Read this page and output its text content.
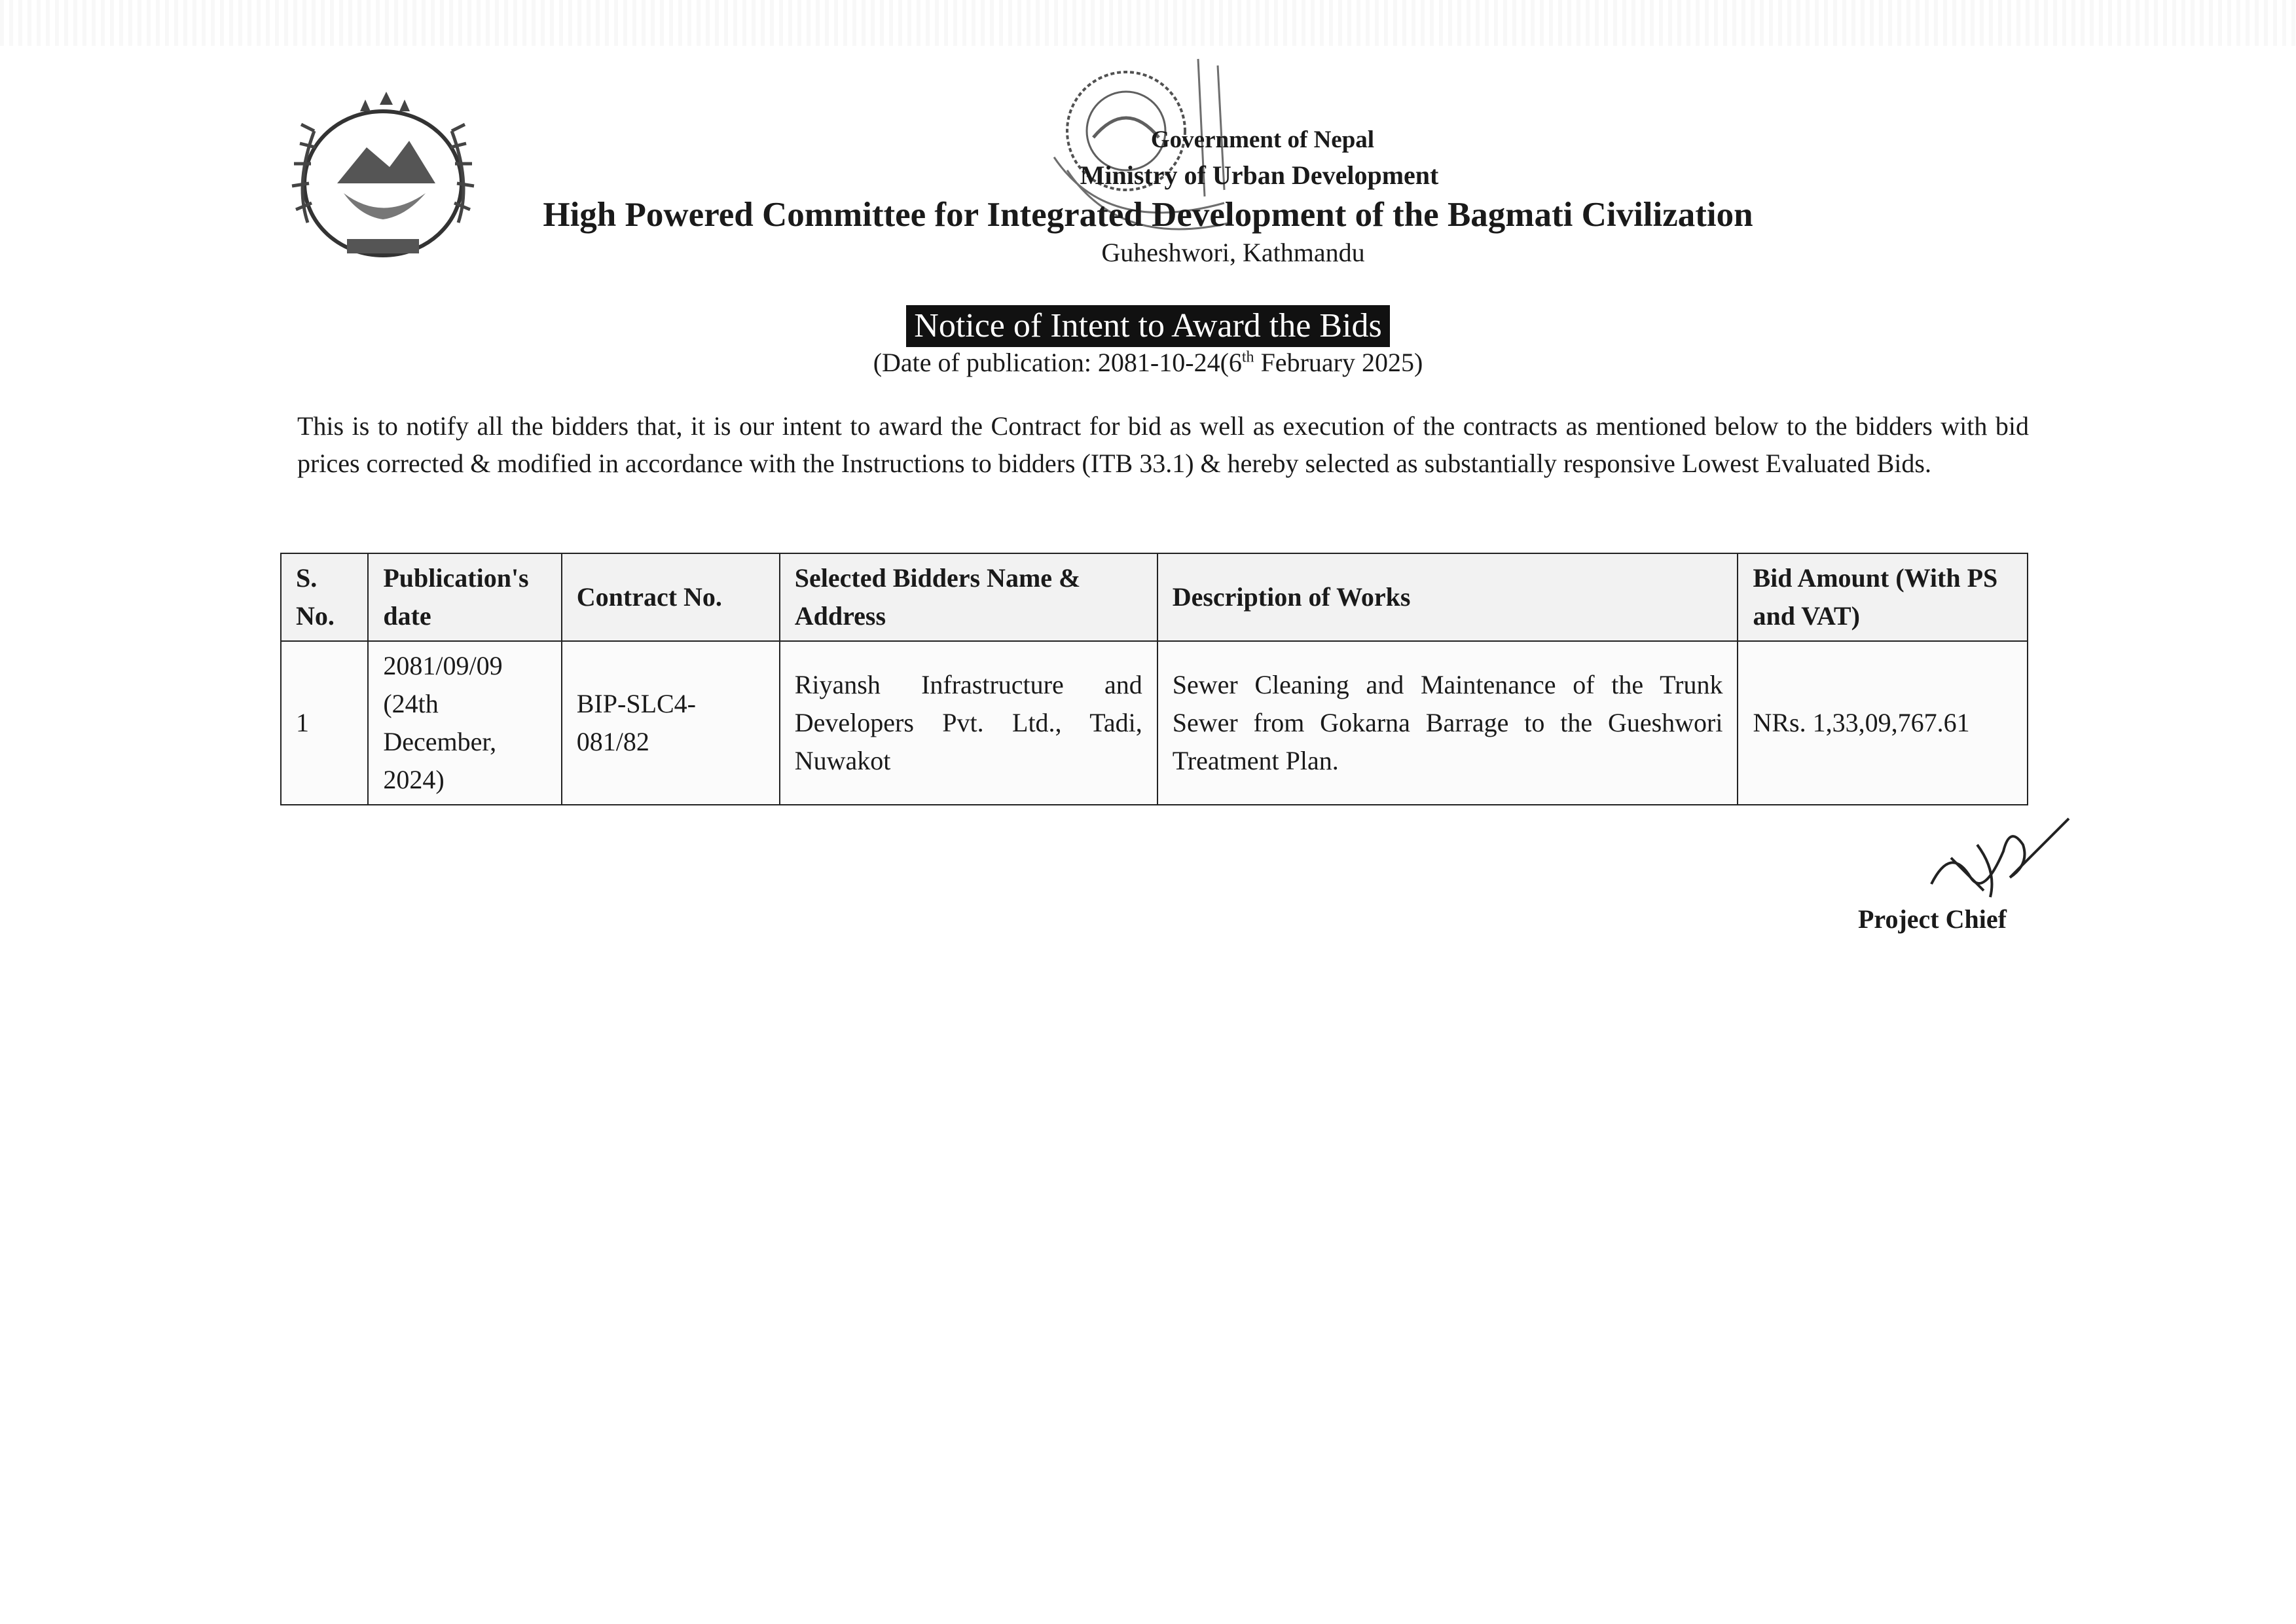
Government of Nepal
Ministry of Urban Development
High Powered Committee for Integrated Development of the Bagmati Civilization
Guheshwori, Kathmandu
Notice of Intent to Award the Bids
(Date of publication: 2081-10-24(6th February 2025)
This is to notify all the bidders that, it is our intent to award the Contract for bid as well as execution of the contracts as mentioned below to the bidders with bid prices corrected & modified in accordance with the Instructions to bidders (ITB 33.1) & hereby selected as substantially responsive Lowest Evaluated Bids.
S. No.	Publication's date	Contract No.	Selected Bidders Name & Address	Description of Works	Bid Amount (With PS and VAT)
1	2081/09/09 (24th December, 2024)	BIP-SLC4-081/82	Riyansh Infrastructure and Developers Pvt. Ltd., Tadi, Nuwakot	Sewer Cleaning and Maintenance of the Trunk Sewer from Gokarna Barrage to the Gueshwori Treatment Plan.	NRs. 1,33,09,767.61
Project Chief
